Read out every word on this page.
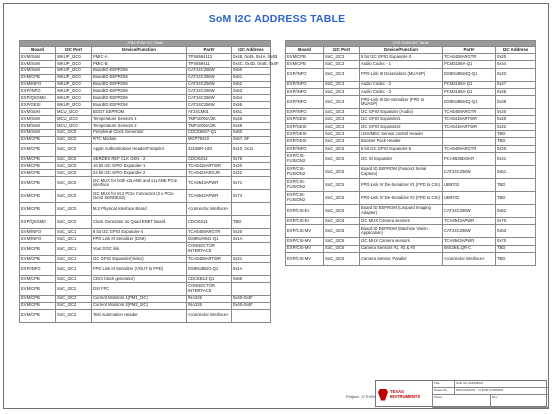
SoM I2C ADDRESS TABLE
J784 EVM I2C Table				
Board	I2C Port	Device/Function	Part#	I2C Address
EVM/SoM	WKUP_I2C0	PMIC-A	TPS6594113	0x48, 0x49, 0x4A, 0x4B
EVM/SoM	WKUP_I2C0	PMIC-B	TPS659411	0x4C, 0x4D, 0x4E, 0x4F
EVM/SoM	WKUP_I2C0	BoardID EEPROM	CAT24C256W	0x50
EVM/CPB	WKUP_I2C0	BoardID EEPROM	CAT24C256W	0x51
EVM/INFO	WKUP_I2C0	BoardID EEPROM	CAT24C256W	0x52
EXP/INFO	WKUP_I2C0	BoardID EEPROM	CAT24C256W	0x53
EXP/QSGMII	WKUP_I2C0	BoardID EEPROM	CAT24C256W	0x54
EXP/GESI	WKUP_I2C0	BoardID EEPROM	CAT24C256W	0x55
EVM/SoM	MCU_I2C0	BOOT EEPROM	AT24CM01	0x51
EVM/SoM	MCU_I2C0	Temperature Sensors 1	TMP100NA/3K	0x48
EVM/SoM	MCU_I2C0	Temperature Sensors 2	TMP100NA/3K	0x49
EVM/SoM	SoC_I2C0	Peripheral Clock Generator	CDCE6937-Q1	0x60
EVM/CPB	SoC_I2C0	RTC Module	MCP79410	0x57, 6F
EVM/CPB	SoC_I2C0	Apple Authentication Header/Footprint	2216BR-10G	0x10, 0x11
EVM/CPB	SoC_I2C0	SERDES REF CLK GEN - 2	CDCI6214	0x76
EVM/CPB	SoC_I2C0	16 bit I2C GPIO Expander-1	TCA6416ARTWR	0x20
EVM/CPB	SoC_I2C0	24 bit I2C GPIO Expander-2	TCA6424ARGJR	0x22
EVM/CPB	SoC_I2C0	I2C MUX for both x2LANE and x1LANE PCIe interface	TCA9543APWR	0x71
EVM/CPB	SoC_I2C0	I2C MUX for M.2 PCIe Connector (2 x PCIe Gen3 SERDES2)	TCA9543APWR	0x74
EVM/CPB	SoC_I2C0	M.2 Physical Interface Board	<connector interface>	
EXP/QSGMII	SoC_I2C0	Clock Generator on Quad ENET Board	CDCI6214	TBD
EVM/INFO	SoC_I2C1	8 bit I2C GPIO Expander-4	TCA6408ARGTR	0x20
EVM/INFO	SoC_I2C1	FPD Link III Serializer (DS9)	DS90UH941-Q1	0x1A
EVM/CPB	SoC_I2C1	Vout DOC link	CONNECTOR INTERFACE	
EVM/CPB	SoC_I2C1	I2C GPIO Expander(Video)	TCA6408ARTWR	0x21
EXP/INFO	SoC_I2C1	FPD Link III Serializer (VOUT to FPD)	DS90UB921-Q1	0x1A
EVM/CPB	SoC_I2C1	CDCI block generator)	CDCEB13-Q1	0x65
EVM/CPB	SoC_I2C2	DSI FFC	CONNECTOR INTERFACE	
EVM/CPB	SoC_I2C2	Current Monitors 1(PM1_I2C)	INA226	0x40-0x4F
EVM/CPB	SoC_I2C2	Current Monitors 2(PM2_I2C)	INA226	0x40-0x4F
EVM/CPB	SoC_I2C2	Test Automation Header	<connector interface>	
J721 EVM I2C Table				
Board	I2C Port	Device/Function	Part#	I2C Address
EVM/CPB	SoC_I2C3	8 bit I2C GPIO Expander-3	TCA6408ARGTR	0x20
EVM/CPB	SoC_I2C3	Audio Codec - 1	PCM3168A-Q1	0x44
EXP/INFO	SoC_I2C3	FPD-Link III Deserializer (MUASP)	DS90UB924Q-Q1	0x2C
EXP/INFO	SoC_I2C3	Audio Codec - 2	PCM3168A-Q1	0x47
EXP/INFO	SoC_I2C3	Audio Codec - 3	PCM3168A-Q1	0x45
EXP/INFO	SoC_I2C3	FPD-Link III De-Serializer (FPD to MUASP)	DS90UB924Q-Q1	0x38
EXP/INFO	SoC_I2C3	I2C GPIO Expander (Audio)	TCA6408ARGTR	0x20
EXP/GESI	SoC_I2C3	I2C GPIO Expander1	TCA6416ARTWR	0x20
EXP/GESI	SoC_I2C3	I2C GPIO Expander2	TCA6416ARTWR	0x22
EXP/GESI	SoC_I2C3	USS/MEC Sensor control Header		TBD
EXP/GESI	SoC_I2C3	Booster Pack Header		TBD
EXP/INFO	SoC_I2C5	8 bit I2C GPIO Expander-5	TCA6408ARGTR	0x20
EXP/CSI-FUSION2	SoC_I2C5	I2C IO Expander	PCA9536DGKR	0x41
EXP/CSI-FUSION2	SoC_I2C5	Board ID EEPROM (Fusion2 Serial Capture)	CAT24C256W	0x51
EXP/CSI-FUSION2	SoC_I2C5	FPD-Link IV De-Serializer #1 (FPD to CSI)	UB9702	TBD
EXP/CSI-FUSION2	SoC_I2C5	FPD-Link IV De-Serializer #2 (FPD to CSI)	UB9702	TBD
EXP/CSI-EI	SoC_I2C6	Board ID EEPROM (Leopard Imaging Adapter)	CAT24C256W	0x52
EXP/CSI-EI	SoC_I2C6	I2C MUX Camera sensors	TCA9543APWR	0x70
EXP/CSI-MV	SoC_I2C6	Board ID EEPROM (Machine Vision Application)	CAT24C256W	0x53
EXP/CSI-MV	SoC_I2C6	I2C MUX Camera sensors	TCA9543APWR	0x70
EXP/CSI-MV	SoC_I2C6	Camera Sensors #1, #2 & #3	IMX264LQR-C	TBD
EXP/CSI-MV	SoC_I2C6	Camera Sensor, Parallel	<connector interface>	TBD
Project: J7 EVM
TEXAS
INSTRUMENTS
Title	SoM I2C ADDRESS
Drawn By	PROCESSOR - J7 EVM COMMON
Sheet	Rev
